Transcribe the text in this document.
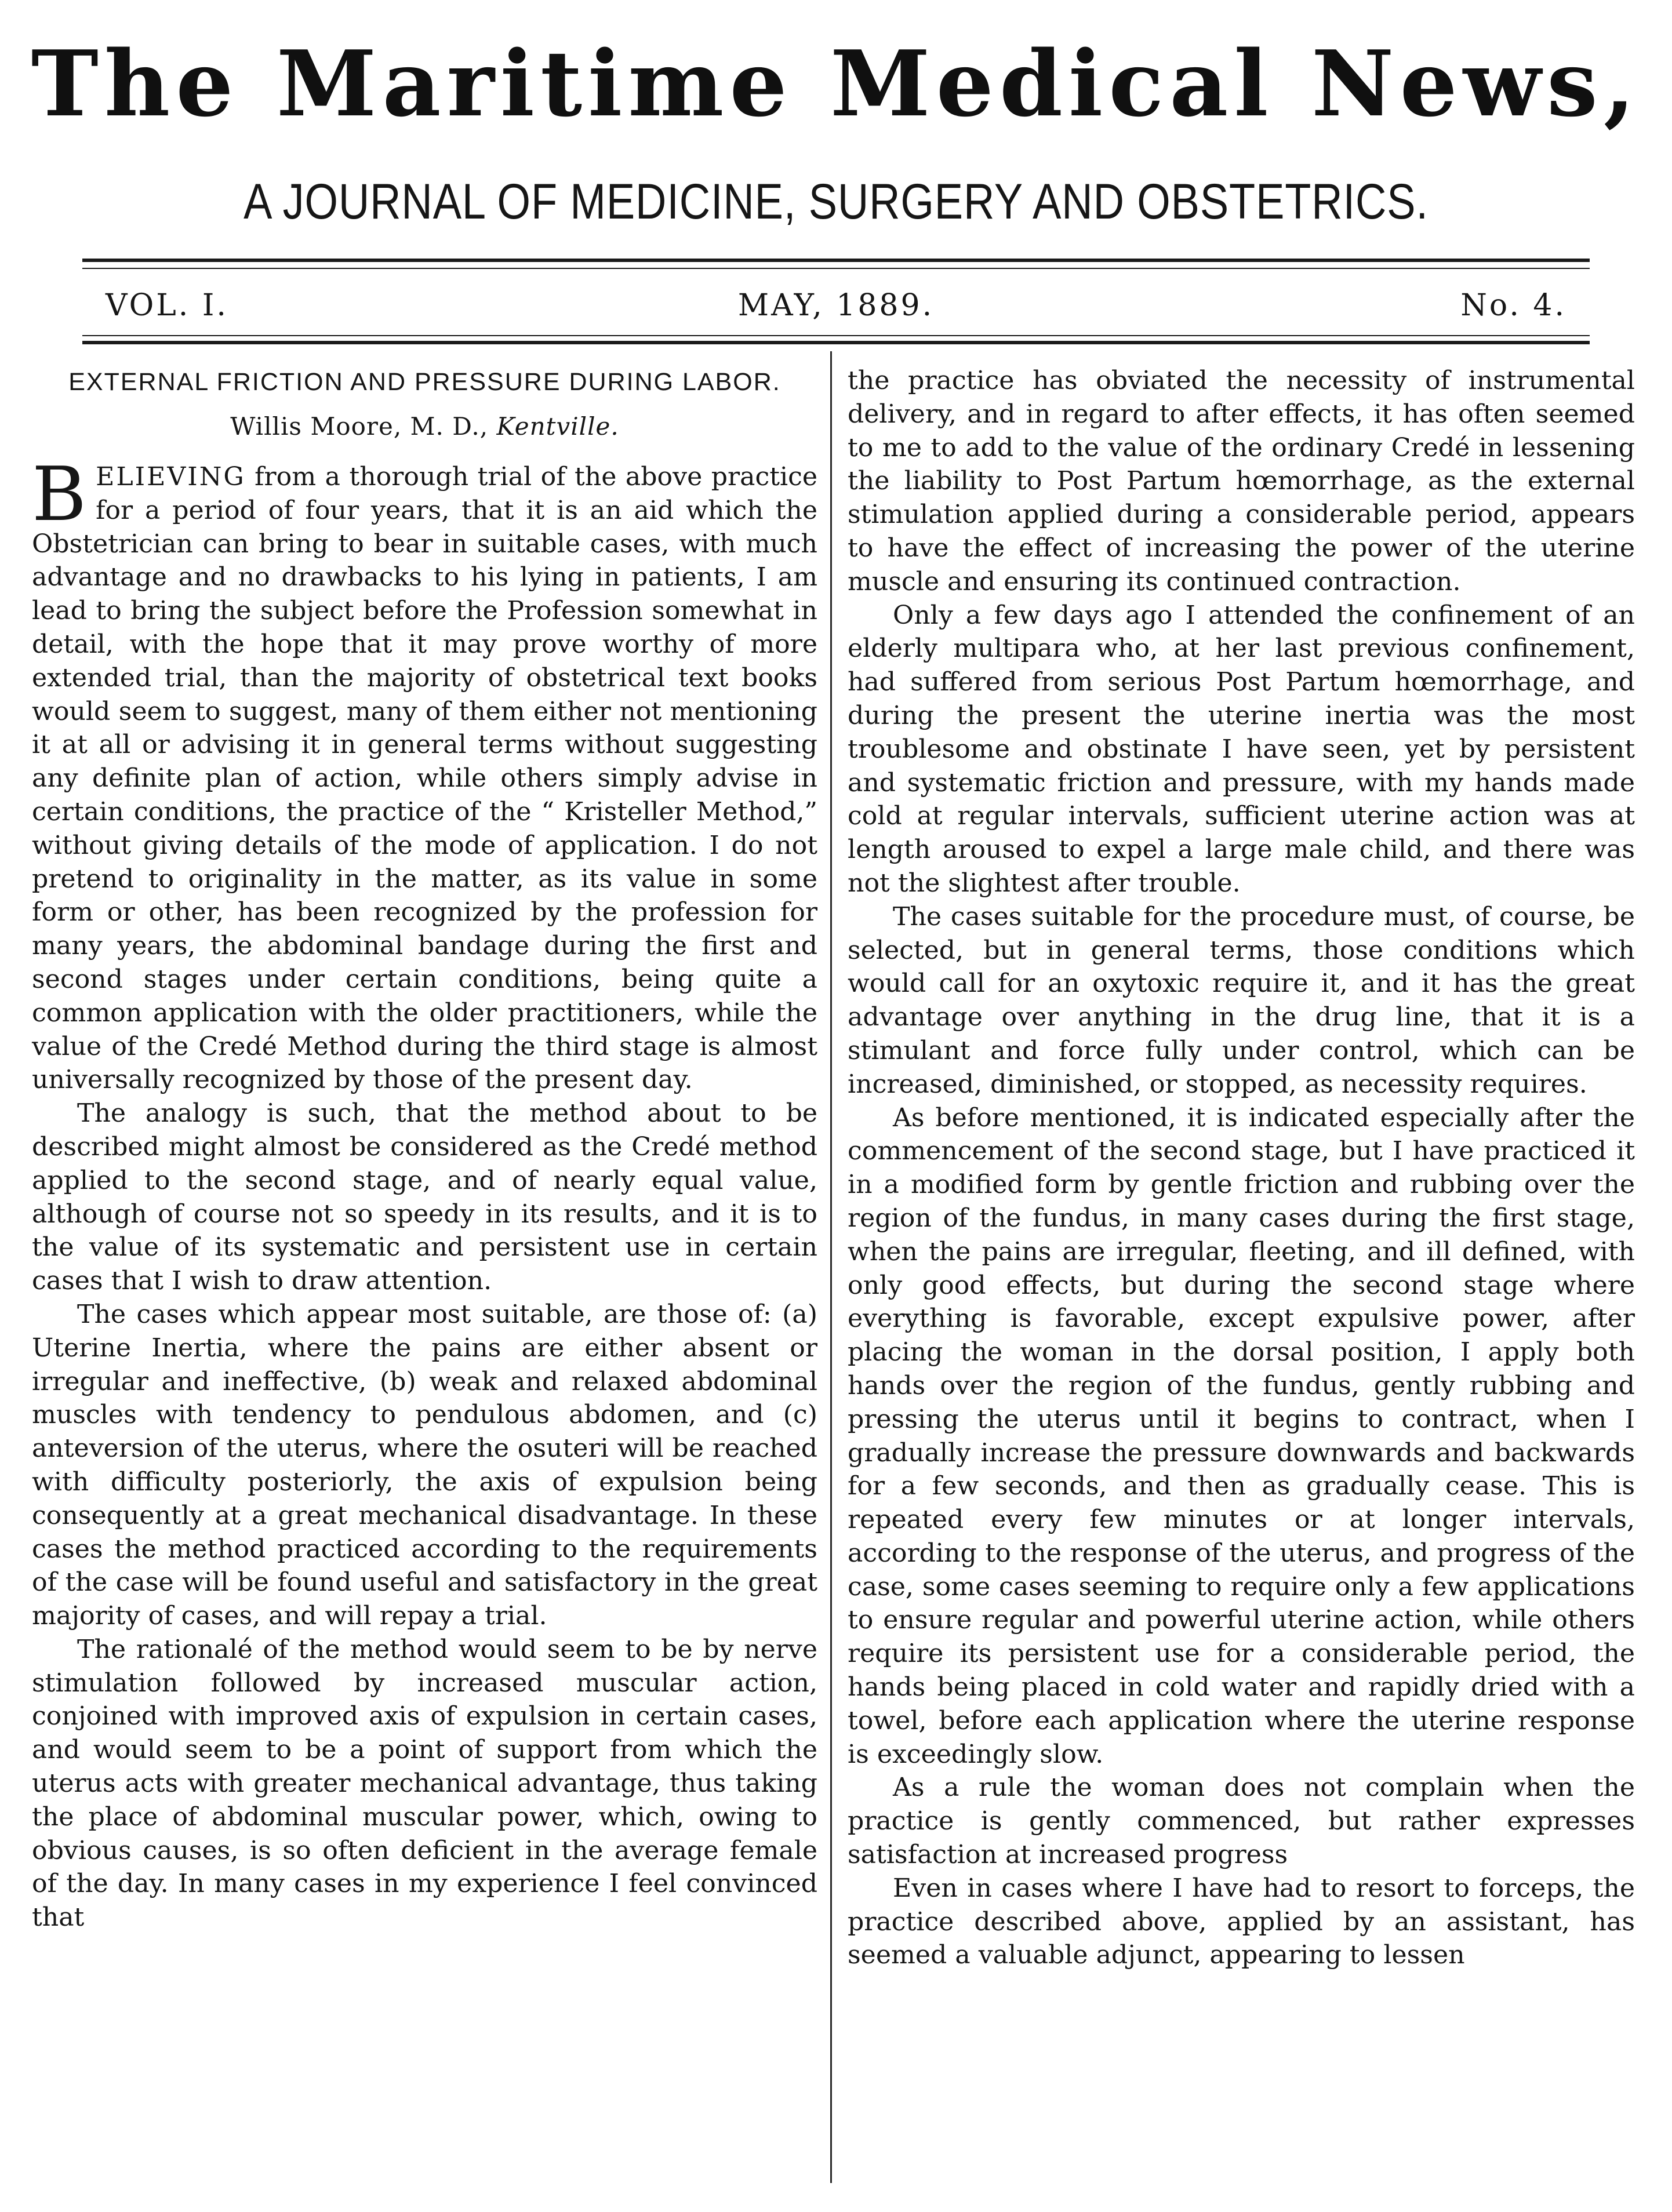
The Maritime Medical News,
A JOURNAL OF MEDICINE, SURGERY AND OBSTETRICS.
MAY, 1889.
VOL. I.	No. 4.
EXTERNAL FRICTION AND PRESSURE DURING LABOR.
Willis Moore, M. D., Kentville.

BELIEVING from a thorough trial of the above practice for a period of four years, that it is an aid which the Obstetrician can bring to bear in suitable cases, with much advantage and no drawbacks to his lying in patients, I am lead to bring the subject before the Profession somewhat in detail, with the hope that it may prove worthy of more extended trial, than the majority of obstetrical text books would seem to suggest, many of them either not mentioning it at all or advising it in general terms without suggesting any definite plan of action, while others simply advise in certain conditions, the practice of the “ Kristeller Method,” without giving details of the mode of application. I do not pretend to originality in the matter, as its value in some form or other, has been recognized by the profession for many years, the abdominal bandage during the first and second stages under certain conditions, being quite a common application with the older practitioners, while the value of the Credé Method during the third stage is almost universally recognized by those of the present day.

The analogy is such, that the method about to be described might almost be considered as the Credé method applied to the second stage, and of nearly equal value, although of course not so speedy in its results, and it is to the value of its systematic and persistent use in certain cases that I wish to draw attention.

The cases which appear most suitable, are those of: (a) Uterine Inertia, where the pains are either absent or irregular and ineffective, (b) weak and relaxed abdominal muscles with tendency to pendulous abdomen, and (c) anteversion of the uterus, where the osuteri will be reached with difficulty posteriorly, the axis of expulsion being consequently at a great mechanical disadvantage. In these cases the method practiced according to the requirements of the case will be found useful and satisfactory in the great majority of cases, and will repay a trial.

The rationalé of the method would seem to be by nerve stimulation followed by increased muscular action, conjoined with improved axis of expulsion in certain cases, and would seem to be a point of support from which the uterus acts with greater mechanical advantage, thus taking the place of abdominal muscular power, which, owing to obvious causes, is so often deficient in the average female of the day. In many cases in my experience I feel convinced that

the practice has obviated the necessity of instrumental delivery, and in regard to after effects, it has often seemed to me to add to the value of the ordinary Credé in lessening the liability to Post Partum hœmorrhage, as the external stimulation applied during a considerable period, appears to have the effect of increasing the power of the uterine muscle and ensuring its continued contraction.

Only a few days ago I attended the confinement of an elderly multipara who, at her last previous confinement, had suffered from serious Post Partum hœmorrhage, and during the present the uterine inertia was the most troublesome and obstinate I have seen, yet by persistent and systematic friction and pressure, with my hands made cold at regular intervals, sufficient uterine action was at length aroused to expel a large male child, and there was not the slightest after trouble.

The cases suitable for the procedure must, of course, be selected, but in general terms, those conditions which would call for an oxytoxic require it, and it has the great advantage over anything in the drug line, that it is a stimulant and force fully under control, which can be increased, diminished, or stopped, as necessity requires.

As before mentioned, it is indicated especially after the commencement of the second stage, but I have practiced it in a modified form by gentle friction and rubbing over the region of the fundus, in many cases during the first stage, when the pains are irregular, fleeting, and ill defined, with only good effects, but during the second stage where everything is favorable, except expulsive power, after placing the woman in the dorsal position, I apply both hands over the region of the fundus, gently rubbing and pressing the uterus until it begins to contract, when I gradually increase the pressure downwards and backwards for a few seconds, and then as gradually cease. This is repeated every few minutes or at longer intervals, according to the response of the uterus, and progress of the case, some cases seeming to require only a few applications to ensure regular and powerful uterine action, while others require its persistent use for a considerable period, the hands being placed in cold water and rapidly dried with a towel, before each application where the uterine response is exceedingly slow.

As a rule the woman does not complain when the practice is gently commenced, but rather expresses satisfaction at increased progress

Even in cases where I have had to resort to forceps, the practice described above, applied by an assistant, has seemed a valuable adjunct, appearing to lessen
